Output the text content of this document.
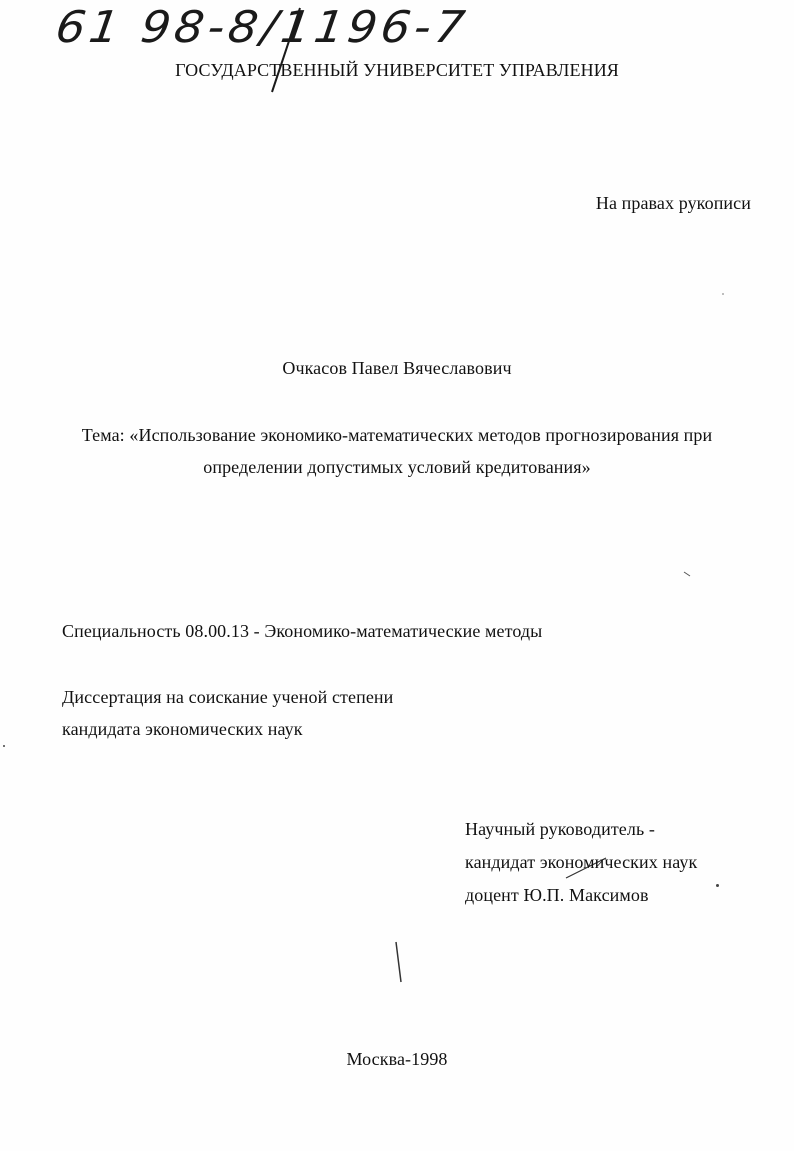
61 98-8/1196-7
ГОСУДАРСТВЕННЫЙ УНИВЕРСИТЕТ УПРАВЛЕНИЯ
На правах рукописи
Очкасов Павел Вячеславович
Тема: «Использование экономико-математических методов прогнозирования при
определении допустимых условий кредитования»
Специальность 08.00.13 - Экономико-математические методы
Диссертация на соискание ученой степени
кандидата экономических наук
Научный руководитель -
кандидат экономических наук
доцент Ю.П. Максимов
Москва-1998
